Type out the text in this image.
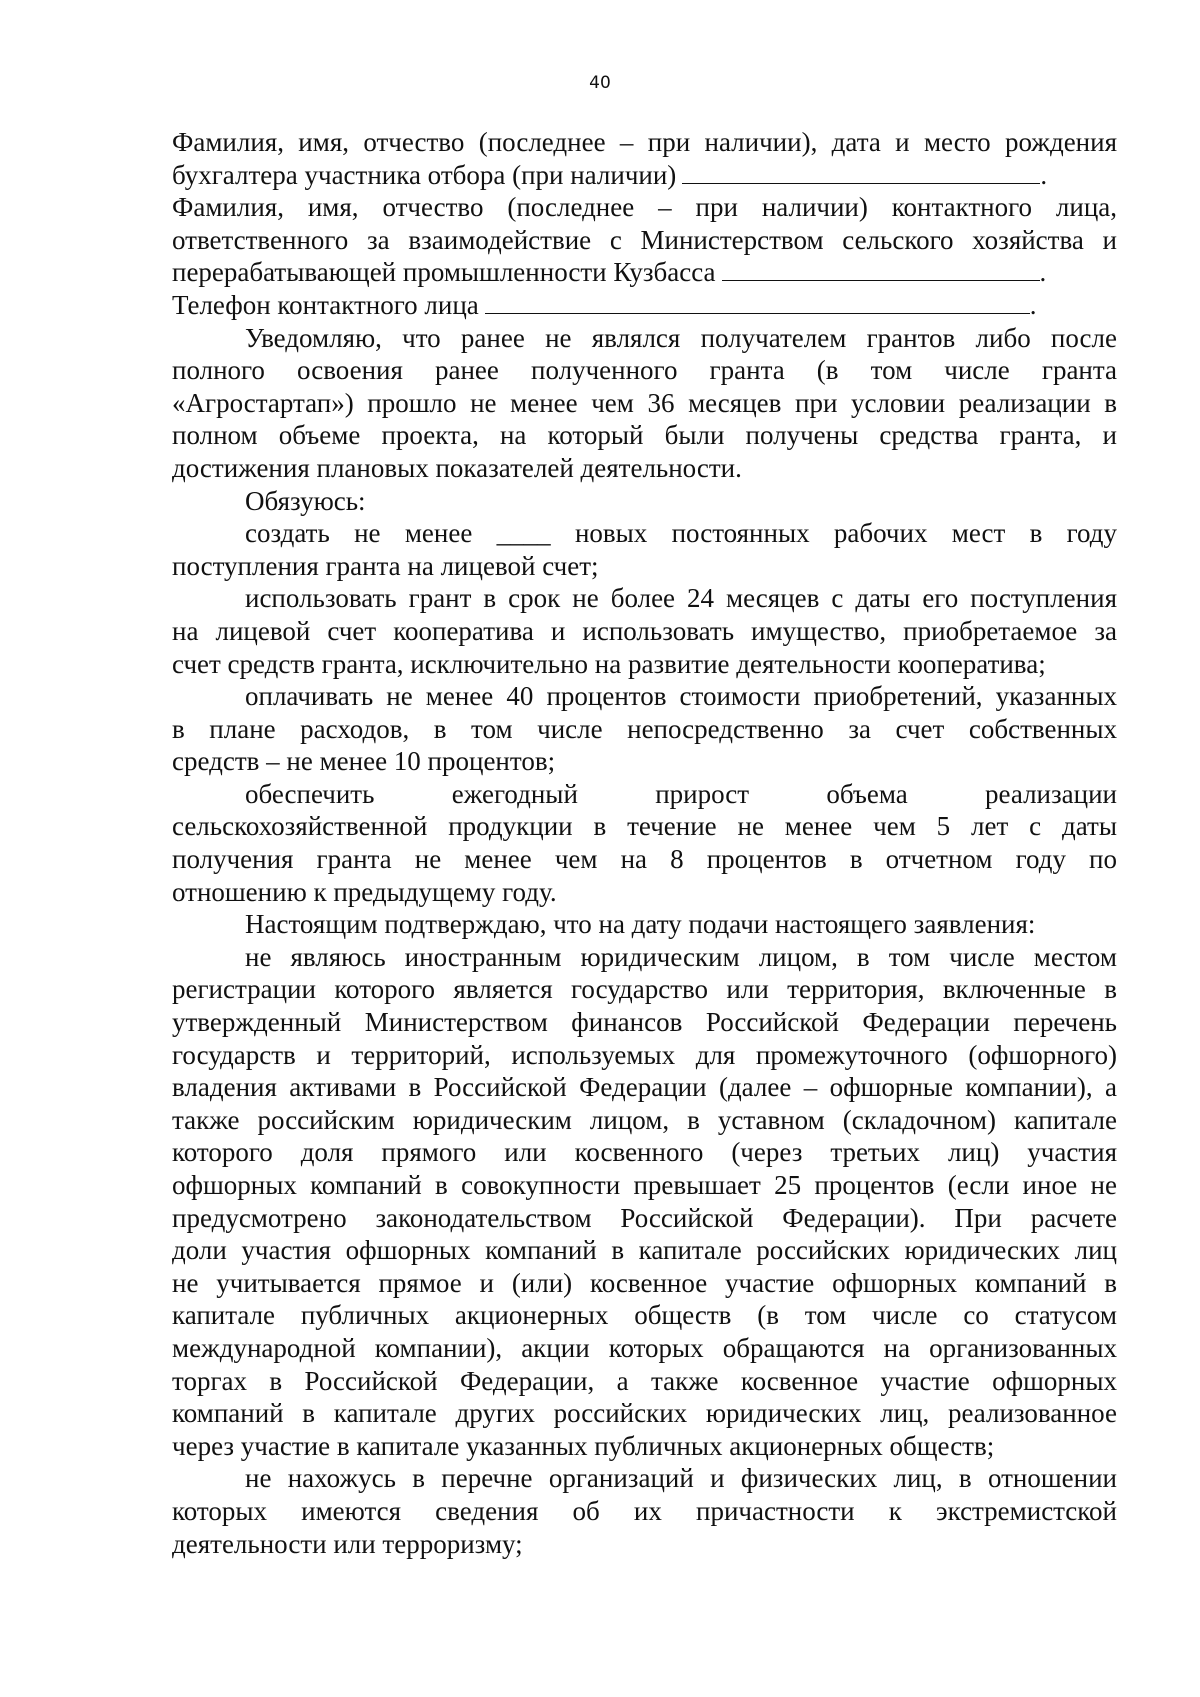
40
Фамилия, имя, отчество (последнее – при наличии), дата и место рождения
бухгалтера участника отбора (при наличии)	.
Фамилия, имя, отчество (последнее – при наличии) контактного лица,
ответственного за взаимодействие с Министерством сельского хозяйства и
перерабатывающей промышленности Кузбасса	.
Телефон контактного лица	.
Уведомляю, что ранее не являлся получателем грантов либо после
полного освоения ранее полученного гранта (в том числе гранта
«Агростартап») прошло не менее чем 36 месяцев при условии реализации в
полном объеме проекта, на который были получены средства гранта, и
достижения плановых показателей деятельности.
Обязуюсь:
создать не менее ____ новых постоянных рабочих мест в году
поступления гранта на лицевой счет;
использовать грант в срок не более 24 месяцев с даты его поступления
на лицевой счет кооператива и использовать имущество, приобретаемое за
счет средств гранта, исключительно на развитие деятельности кооператива;
оплачивать не менее 40 процентов стоимости приобретений, указанных
в плане расходов, в том числе непосредственно за счет собственных
средств – не менее 10 процентов;
обеспечить ежегодный прирост объема реализации
сельскохозяйственной продукции в течение не менее чем 5 лет с даты
получения гранта не менее чем на 8 процентов в отчетном году по
отношению к предыдущему году.
Настоящим подтверждаю, что на дату подачи настоящего заявления:
не являюсь иностранным юридическим лицом, в том числе местом
регистрации которого является государство или территория, включенные в
утвержденный Министерством финансов Российской Федерации перечень
государств и территорий, используемых для промежуточного (офшорного)
владения активами в Российской Федерации (далее – офшорные компании), а
также российским юридическим лицом, в уставном (складочном) капитале
которого доля прямого или косвенного (через третьих лиц) участия
офшорных компаний в совокупности превышает 25 процентов (если иное не
предусмотрено законодательством Российской Федерации). При расчете
доли участия офшорных компаний в капитале российских юридических лиц
не учитывается прямое и (или) косвенное участие офшорных компаний в
капитале публичных акционерных обществ (в том числе со статусом
международной компании), акции которых обращаются на организованных
торгах в Российской Федерации, а также косвенное участие офшорных
компаний в капитале других российских юридических лиц, реализованное
через участие в капитале указанных публичных акционерных обществ;
не нахожусь в перечне организаций и физических лиц, в отношении
которых имеются сведения об их причастности к экстремистской
деятельности или терроризму;
